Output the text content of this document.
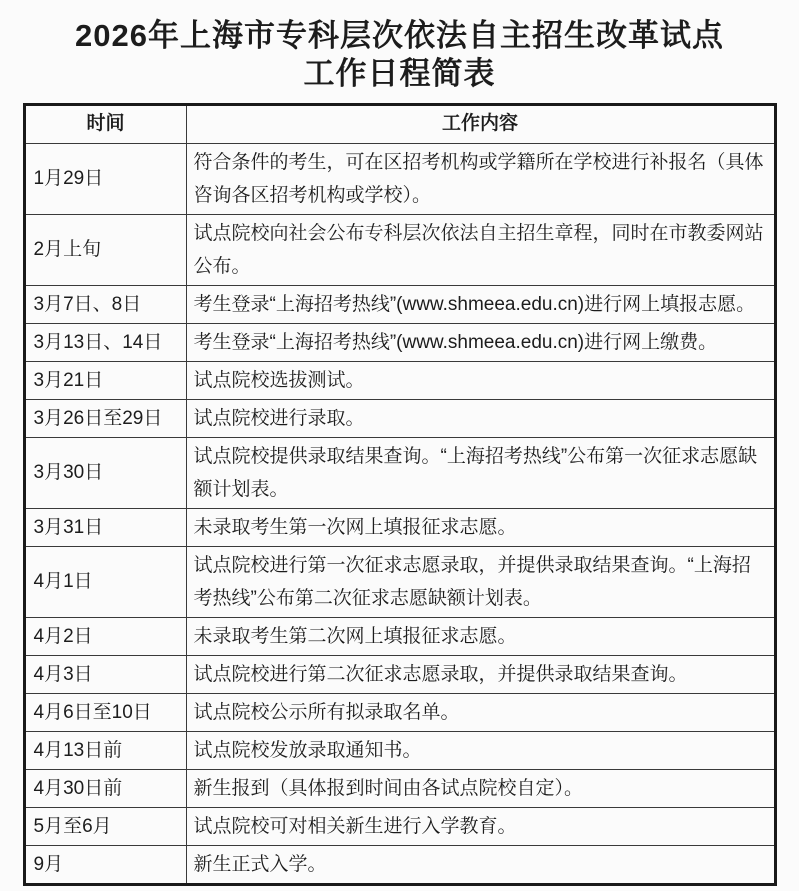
2026年上海市专科层次依法自主招生改革试点
工作日程简表
时间	工作内容
1月29日	符合条件的考生，可在区招考机构或学籍所在学校进行补报名（具体咨询各区招考机构或学校）。
2月上旬	试点院校向社会公布专科层次依法自主招生章程，同时在市教委网站公布。
3月7日、8日	考生登录“上海招考热线”(www.shmeea.edu.cn)进行网上填报志愿。
3月13日、14日	考生登录“上海招考热线”(www.shmeea.edu.cn)进行网上缴费。
3月21日	试点院校选拔测试。
3月26日至29日	试点院校进行录取。
3月30日	试点院校提供录取结果查询。“上海招考热线”公布第一次征求志愿缺额计划表。
3月31日	未录取考生第一次网上填报征求志愿。
4月1日	试点院校进行第一次征求志愿录取，并提供录取结果查询。“上海招考热线”公布第二次征求志愿缺额计划表。
4月2日	未录取考生第二次网上填报征求志愿。
4月3日	试点院校进行第二次征求志愿录取，并提供录取结果查询。
4月6日至10日	试点院校公示所有拟录取名单。
4月13日前	试点院校发放录取通知书。
4月30日前	新生报到（具体报到时间由各试点院校自定）。
5月至6月	试点院校可对相关新生进行入学教育。
9月	新生正式入学。
